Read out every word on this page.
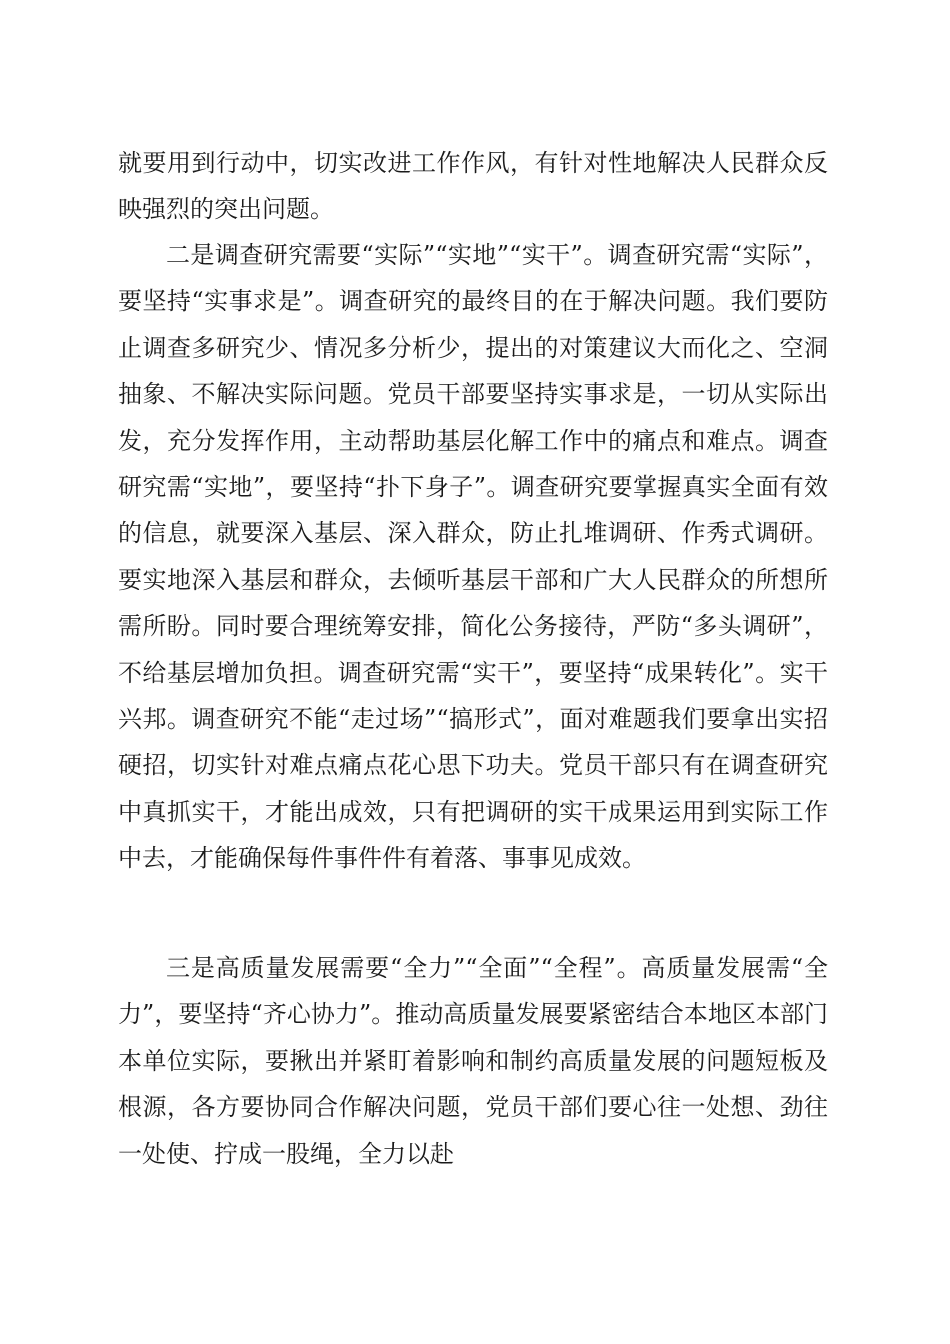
就要用到行动中，切实改进工作作风，有针对性地解决人民群众反映强烈的突出问题。

二是调查研究需要“实际”“实地”“实干”。调查研究需“实际”，要坚持“实事求是”。调查研究的最终目的在于解决问题。我们要防止调查多研究少、情况多分析少，提出的对策建议大而化之、空洞抽象、不解决实际问题。党员干部要坚持实事求是，一切从实际出发，充分发挥作用，主动帮助基层化解工作中的痛点和难点。调查研究需“实地”，要坚持“扑下身子”。调查研究要掌握真实全面有效的信息，就要深入基层、深入群众，防止扎堆调研、作秀式调研。要实地深入基层和群众，去倾听基层干部和广大人民群众的所想所需所盼。同时要合理统筹安排，简化公务接待，严防“多头调研”，不给基层增加负担。调查研究需“实干”，要坚持“成果转化”。实干兴邦。调查研究不能“走过场”“搞形式”，面对难题我们要拿出实招硬招，切实针对难点痛点花心思下功夫。党员干部只有在调查研究中真抓实干，才能出成效，只有把调研的实干成果运用到实际工作中去，才能确保每件事件件有着落、事事见成效。

三是高质量发展需要“全力”“全面”“全程”。高质量发展需“全力”，要坚持“齐心协力”。推动高质量发展要紧密结合本地区本部门本单位实际，要揪出并紧盯着影响和制约高质量发展的问题短板及根源，各方要协同合作解决问题，党员干部们要心往一处想、劲往一处使、拧成一股绳，全力以赴
